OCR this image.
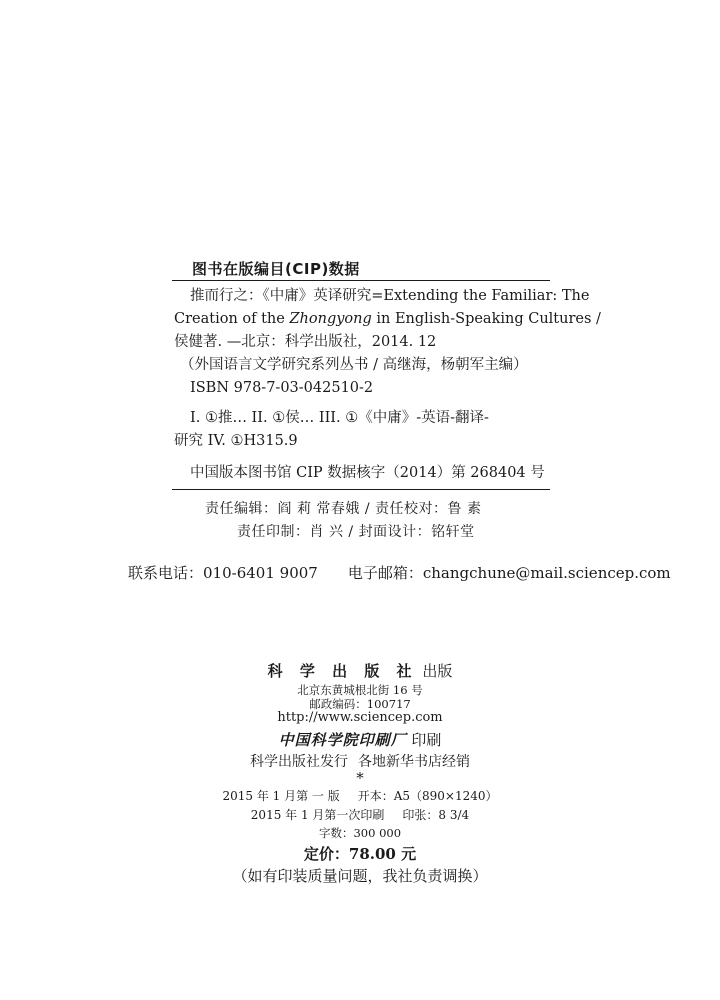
图书在版编目(CIP)数据
推而行之：《中庸》英译研究=Extending the Familiar: The
Creation of the Zhongyong in English-Speaking Cultures /
侯健著. —北京：科学出版社，2014. 12
（外国语言文学研究系列丛书 / 高继海，杨朝军主编）
ISBN 978-7-03-042510-2
I. ①推… II. ①侯… III. ①《中庸》-英语-翻译-
研究 IV. ①H315.9
中国版本图书馆 CIP 数据核字（2014）第 268404 号
责任编辑：阎 莉 常春娥 / 责任校对：鲁 素
责任印制：肖 兴 / 封面设计：铭轩堂
联系电话：010-6401 9007 电子邮箱：changchune@mail.sciencep.com
科 学 出 版 社 出版
北京东黄城根北街 16 号
邮政编码：100717
http://www.sciencep.com
中国科学院印刷厂 印刷
科学出版社发行 各地新华书店经销
*
2015 年 1 月第 一 版 开本：A5（890×1240）
2015 年 1 月第一次印刷 印张：8 3/4
字数：300 000
定价：78.00 元
（如有印装质量问题，我社负责调换）
